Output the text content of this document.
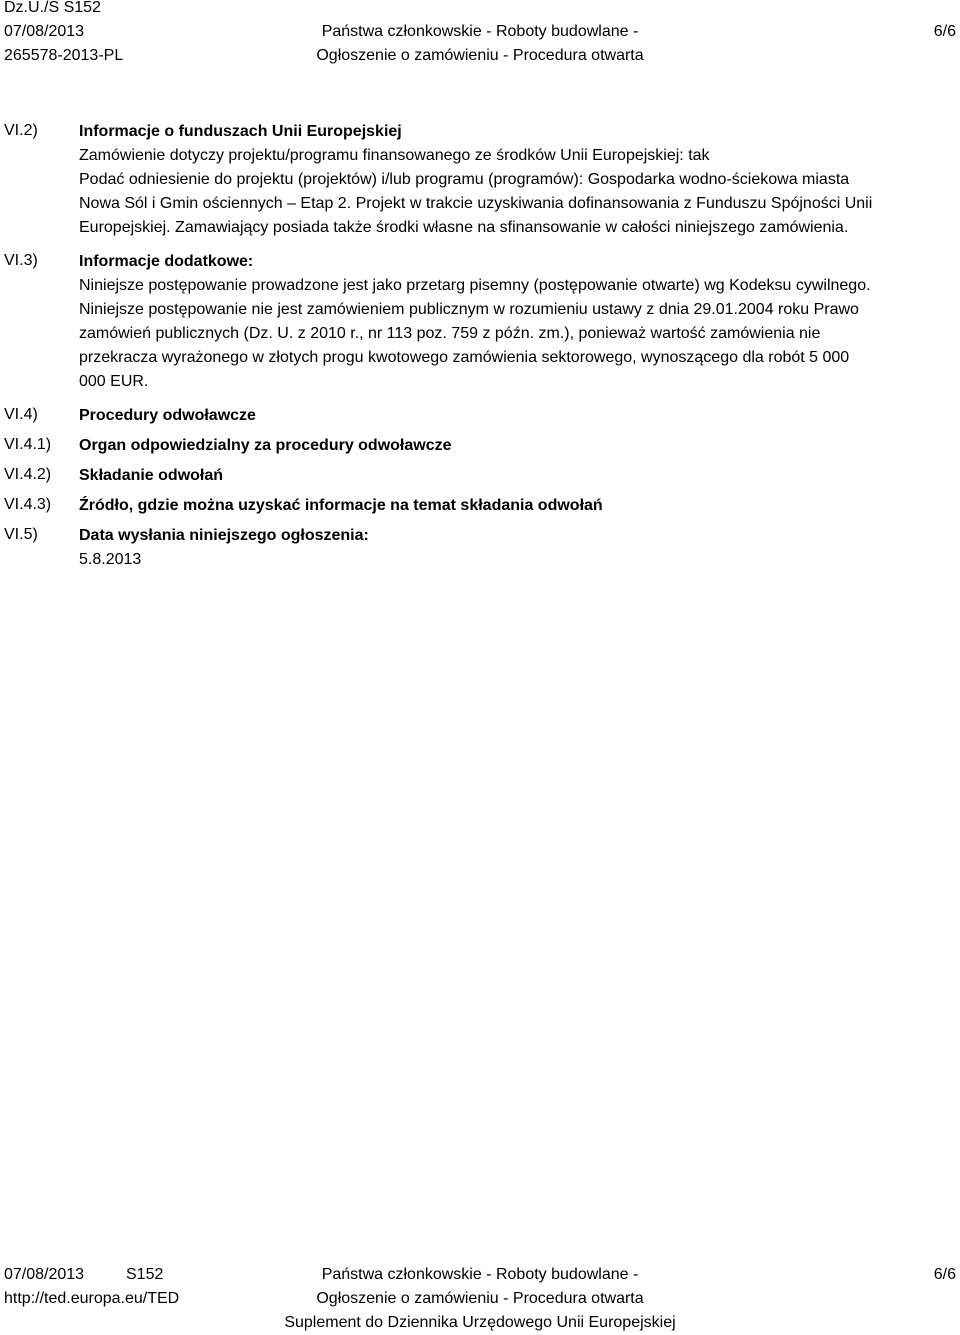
Dz.U./S S152
07/08/2013
265578-2013-PL
Państwa członkowskie - Roboty budowlane -
Ogłoszenie o zamówieniu - Procedura otwarta
6/6
VI.2)
VI.3)
VI.4)
VI.4.1)
VI.4.2)
VI.4.3)
VI.5)

Informacje o funduszach Unii Europejskiej

Zamówienie dotyczy projektu/programu finansowanego ze środków Unii Europejskiej: tak

Podać odniesienie do projektu (projektów) i/lub programu (programów): Gospodarka wodno-ściekowa miasta

Nowa Sól i Gmin ościennych – Etap 2. Projekt w trakcie uzyskiwania dofinansowania z Funduszu Spójności Unii

Europejskiej. Zamawiający posiada także środki własne na sfinansowanie w całości niniejszego zamówienia.

Informacje dodatkowe:

Niniejsze postępowanie prowadzone jest jako przetarg pisemny (postępowanie otwarte) wg Kodeksu cywilnego.

Niniejsze postępowanie nie jest zamówieniem publicznym w rozumieniu ustawy z dnia 29.01.2004 roku Prawo

zamówień publicznych (Dz. U. z 2010 r., nr 113 poz. 759 z późn. zm.), ponieważ wartość zamówienia nie

przekracza wyrażonego w złotych progu kwotowego zamówienia sektorowego, wynoszącego dla robót 5 000

000 EUR.

Procedury odwoławcze
Organ odpowiedzialny za procedury odwoławcze
Składanie odwołań
Źródło, gdzie można uzyskać informacje na temat składania odwołań

Data wysłania niniejszego ogłoszenia:

5.8.2013

07/08/2013	S152
http://ted.europa.eu/TED
Państwa członkowskie - Roboty budowlane -
Ogłoszenie o zamówieniu - Procedura otwarta
Suplement do Dziennika Urzędowego Unii Europejskiej
6/6
